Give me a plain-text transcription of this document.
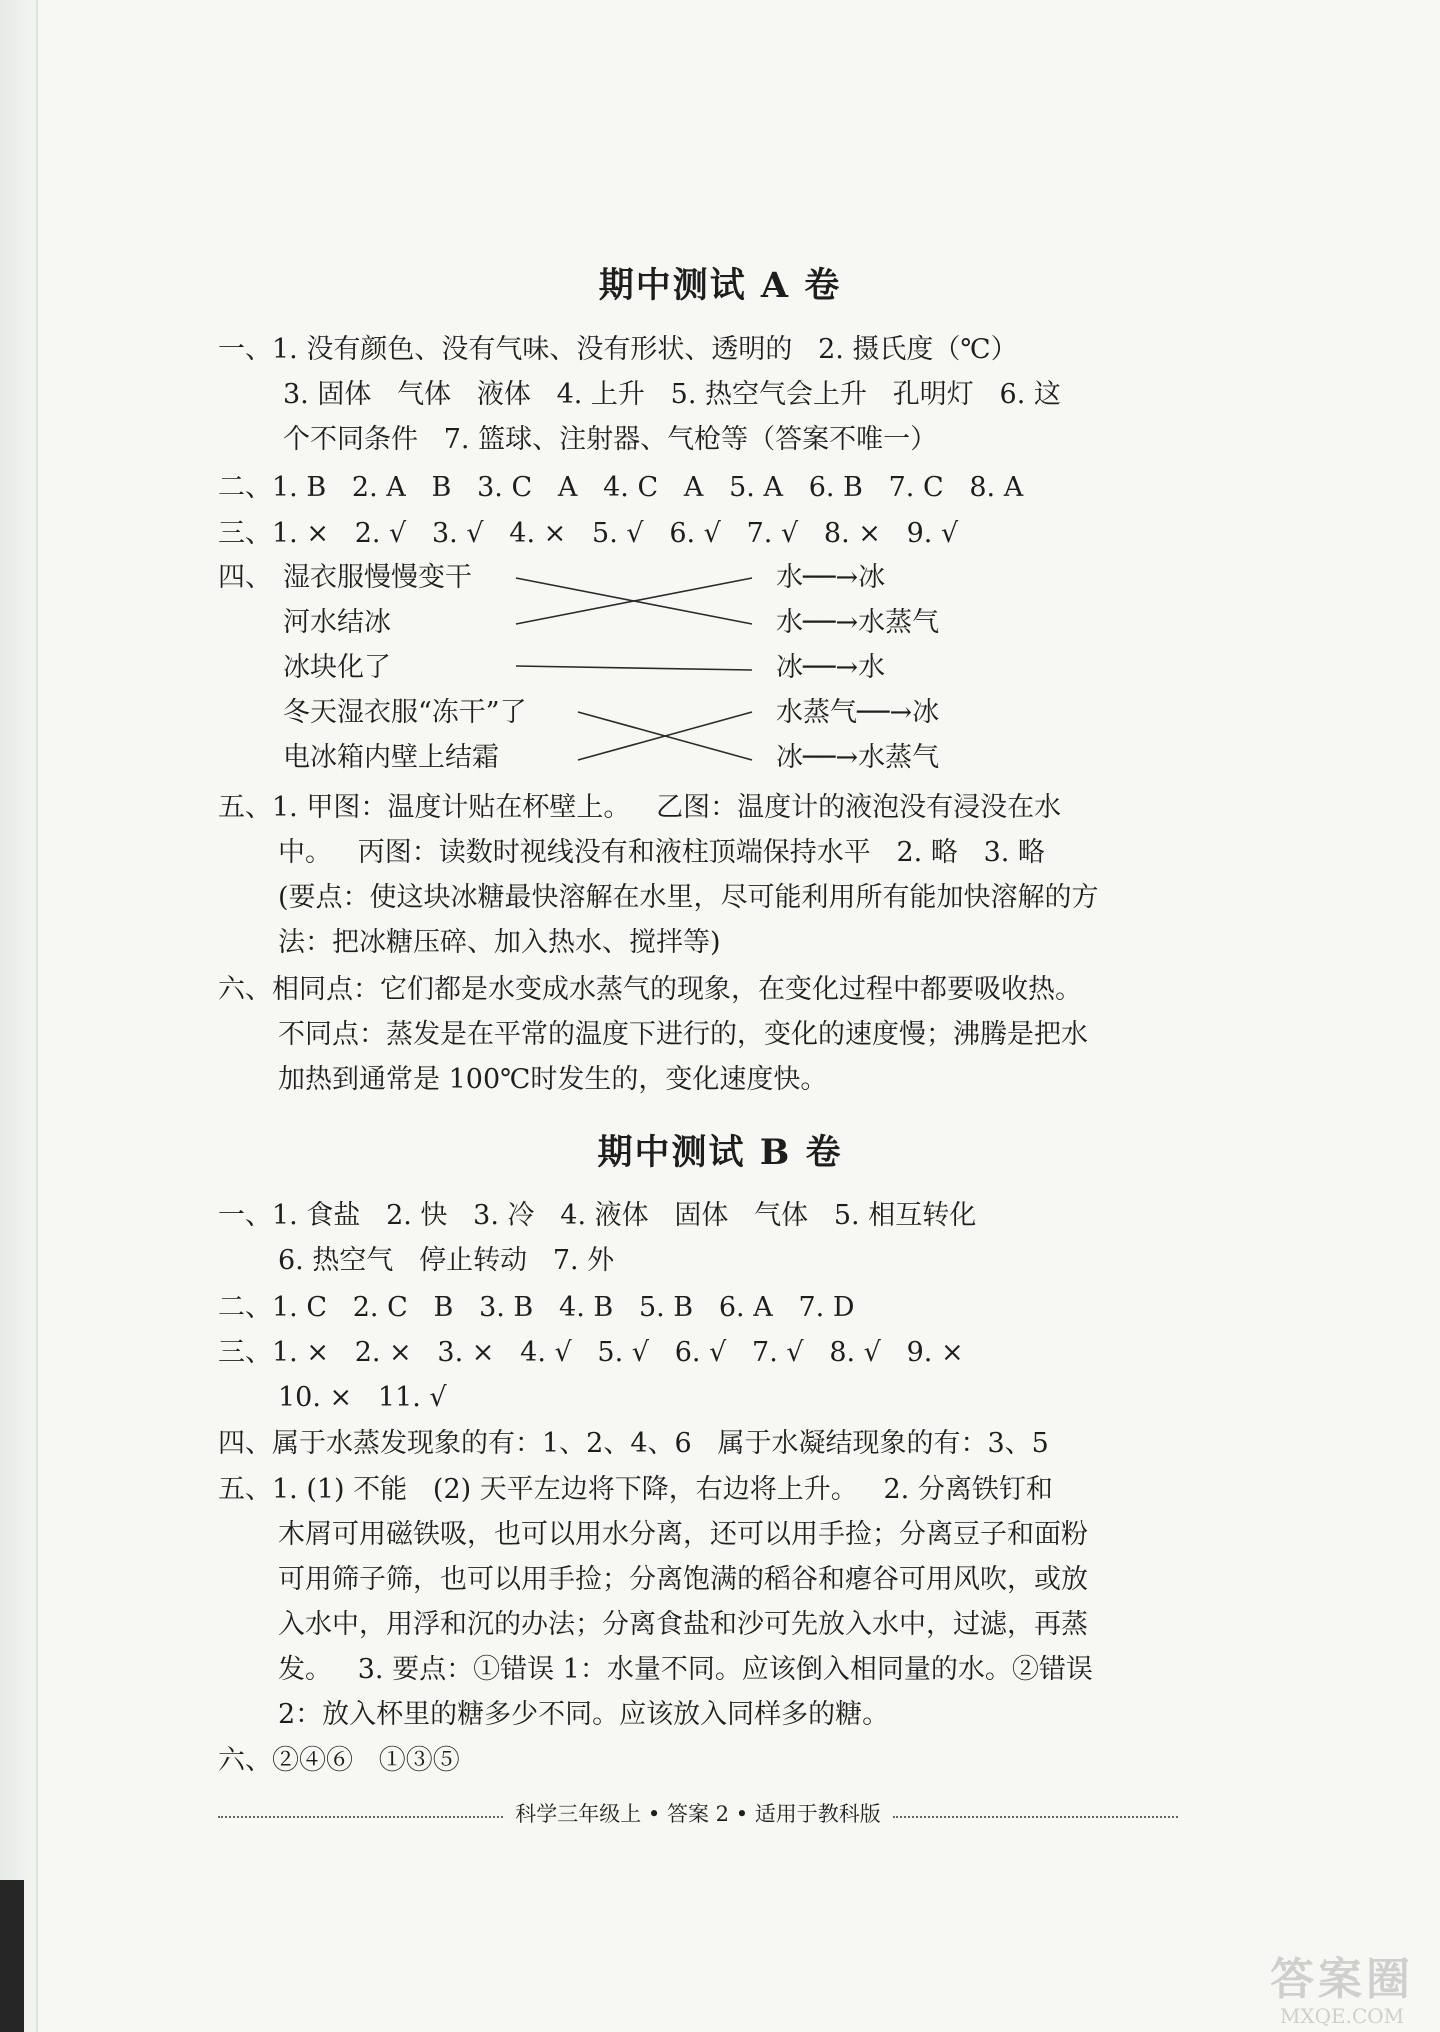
期中测试 A 卷
一、1. 没有颜色、没有气味、没有形状、透明的   2. 摄氏度（℃）
3. 固体   气体   液体   4. 上升   5. 热空气会上升   孔明灯   6. 这
个不同条件   7. 篮球、注射器、气枪等（答案不唯一）
二、1. B   2. A   B   3. C   A   4. C   A   5. A   6. B   7. C   8. A
三、1. ×   2. √   3. √   4. ×   5. √   6. √   7. √   8. ×   9. √
四、 湿衣服慢慢变干
河水结冰
冰块化了
冬天湿衣服“冻干”了
电冰箱内壁上结霜
水──→冰
水──→水蒸气
冰──→水
水蒸气──→冰
冰──→水蒸气
五、1. 甲图：温度计贴在杯壁上。   乙图：温度计的液泡没有浸没在水
中。   丙图：读数时视线没有和液柱顶端保持水平   2. 略   3. 略
(要点：使这块冰糖最快溶解在水里，尽可能利用所有能加快溶解的方
法：把冰糖压碎、加入热水、搅拌等)
六、相同点：它们都是水变成水蒸气的现象，在变化过程中都要吸收热。
不同点：蒸发是在平常的温度下进行的，变化的速度慢；沸腾是把水
加热到通常是 100℃时发生的，变化速度快。
期中测试 B 卷
一、1. 食盐   2. 快   3. 冷   4. 液体   固体   气体   5. 相互转化
6. 热空气   停止转动   7. 外
二、1. C   2. C   B   3. B   4. B   5. B   6. A   7. D
三、1. ×   2. ×   3. ×   4. √   5. √   6. √   7. √   8. √   9. ×
10. ×   11. √
四、属于水蒸发现象的有：1、2、4、6   属于水凝结现象的有：3、5
五、1. (1) 不能   (2) 天平左边将下降，右边将上升。   2. 分离铁钉和
木屑可用磁铁吸，也可以用水分离，还可以用手捡；分离豆子和面粉
可用筛子筛，也可以用手捡；分离饱满的稻谷和瘪谷可用风吹，或放
入水中，用浮和沉的办法；分离食盐和沙可先放入水中，过滤，再蒸
发。   3. 要点：①错误 1：水量不同。应该倒入相同量的水。②错误
2：放入杯里的糖多少不同。应该放入同样多的糖。
六、②④⑥   ①③⑤
科学三年级上 • 答案 2 • 适用于教科版
答案圈
MXQE.COM
